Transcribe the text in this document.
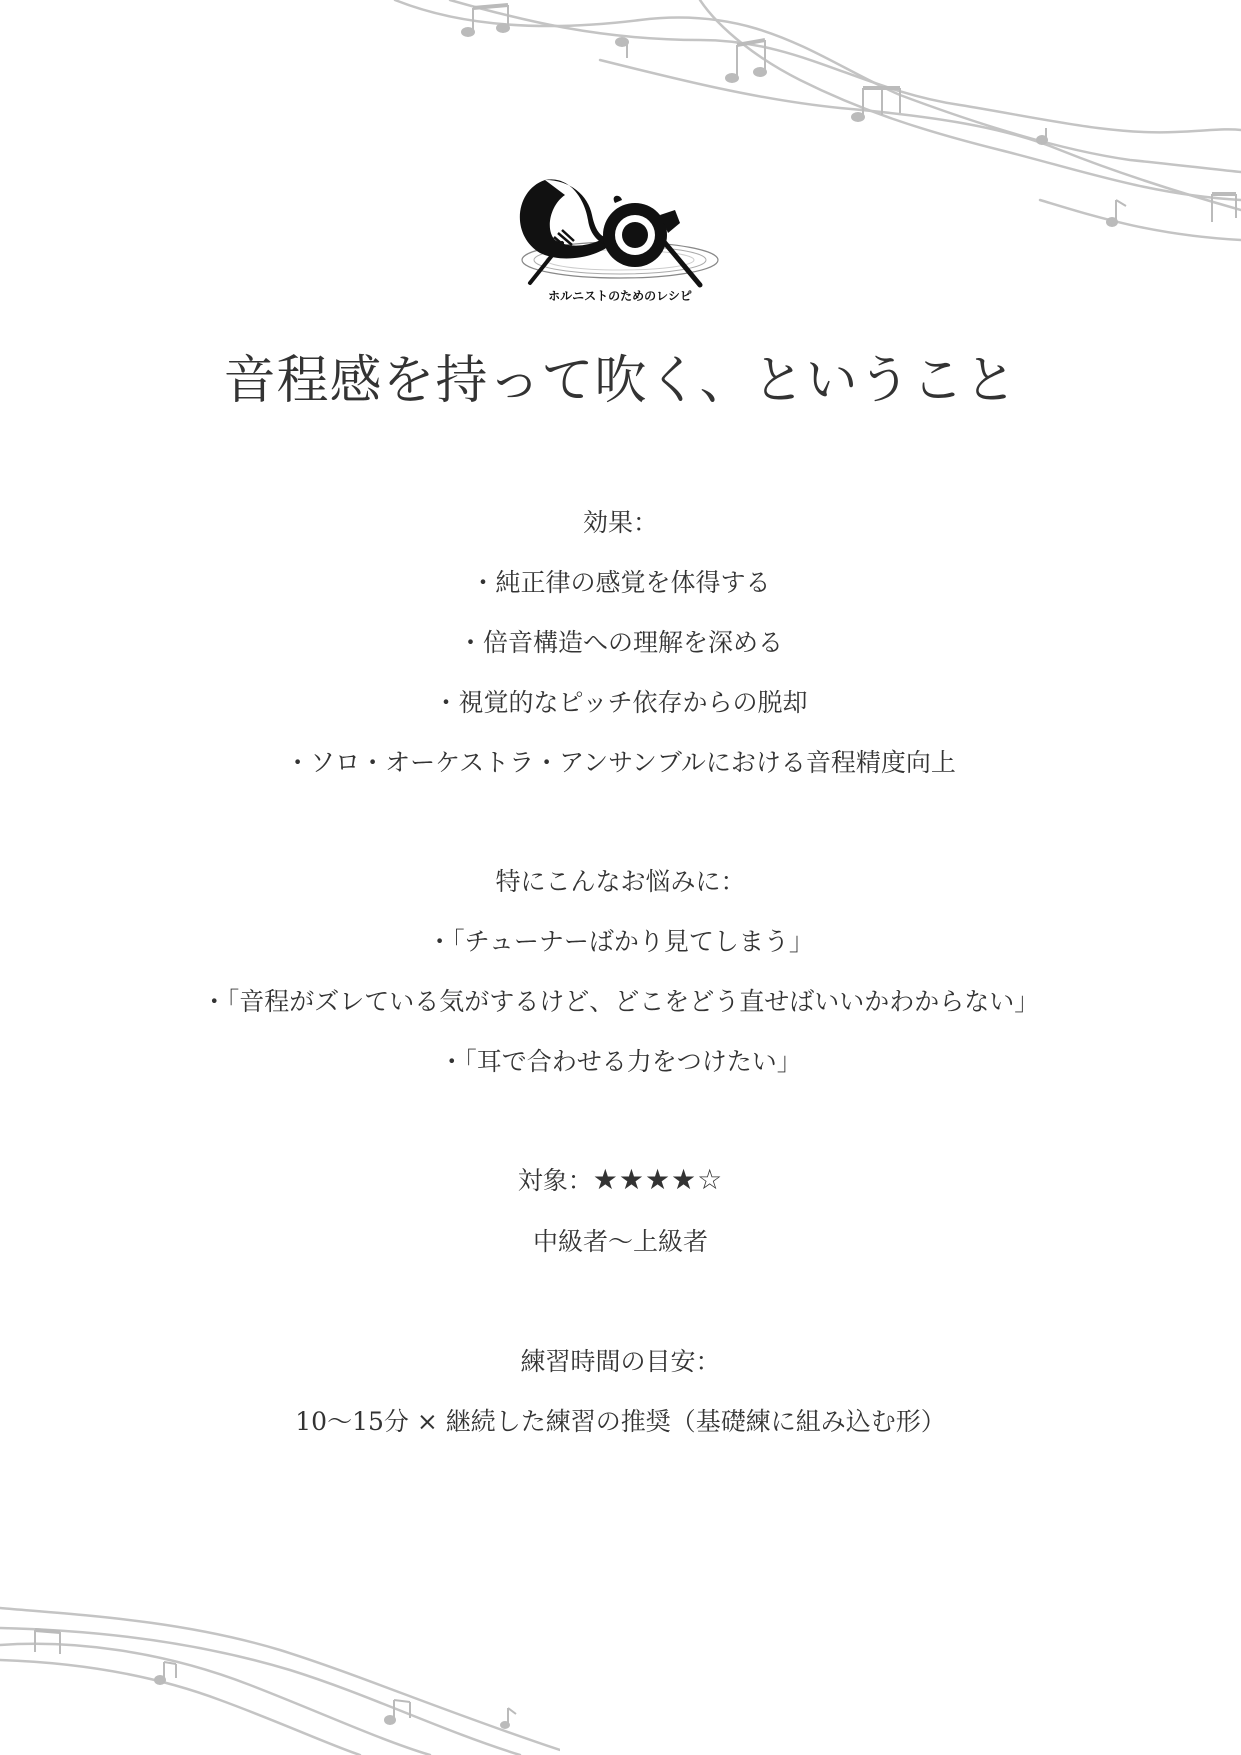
ホルニストのためのレシピ
音程感を持って吹く、ということ
効果：
・純正律の感覚を体得する
・倍音構造への理解を深める
・視覚的なピッチ依存からの脱却
・ソロ・オーケストラ・アンサンブルにおける音程精度向上
特にこんなお悩みに：
・「チューナーばかり見てしまう」
・「音程がズレている気がするけど、どこをどう直せばいいかわからない」
・「耳で合わせる力をつけたい」
対象：★★★★☆
中級者〜上級者
練習時間の目安：
10〜15分 × 継続した練習の推奨（基礎練に組み込む形）
